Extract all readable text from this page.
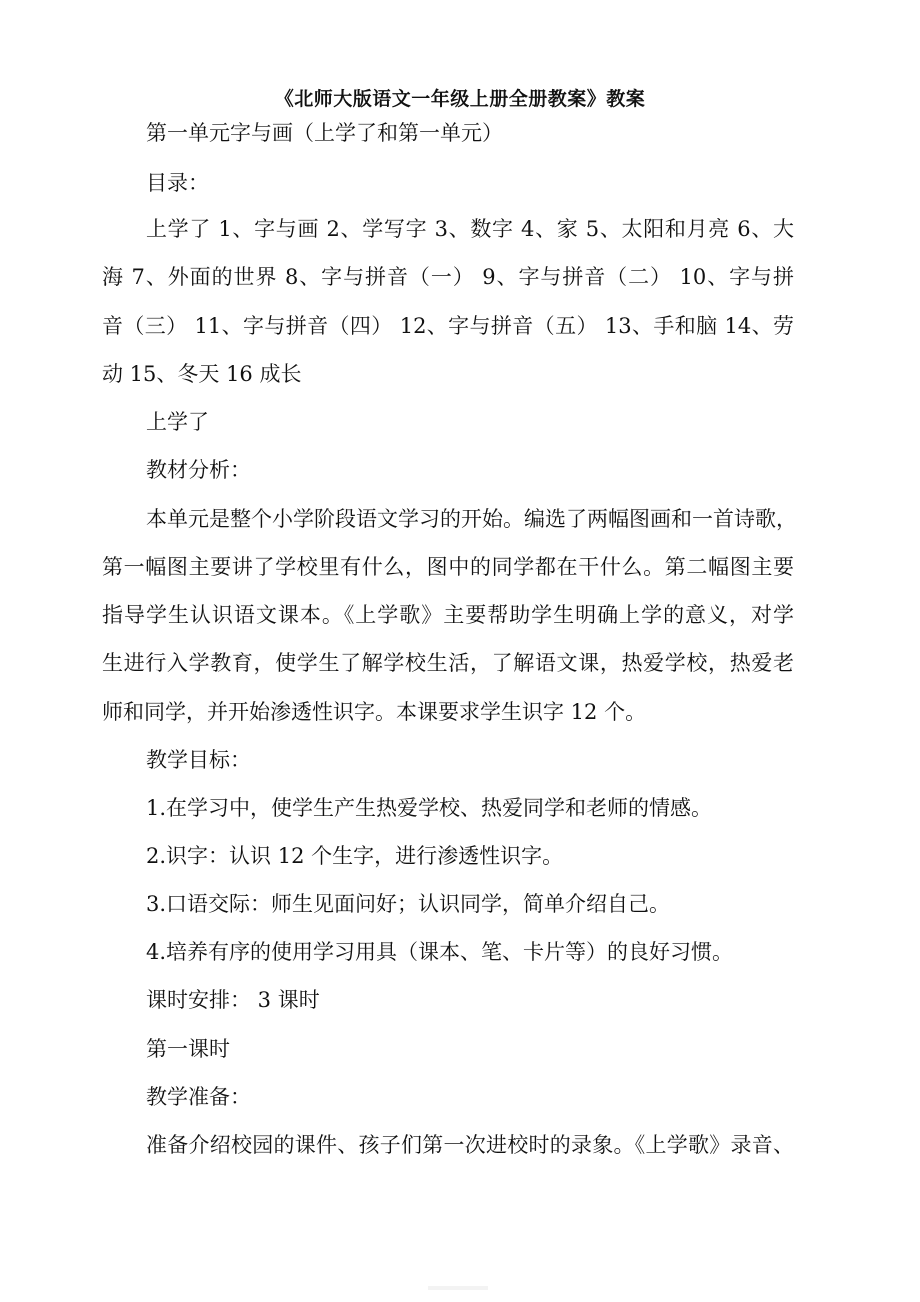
《北师大版语文一年级上册全册教案》教案
第一单元字与画（上学了和第一单元）
目录：
上学了 1、字与画 2、学写字 3、数字 4、家 5、太阳和月亮 6、大
海 7、外面的世界 8、字与拼音（一） 9、字与拼音（二） 10、字与拼
音（三） 11、字与拼音（四） 12、字与拼音（五） 13、手和脑 14、劳
动 15、冬天 16 成长
上学了
教材分析：
本单元是整个小学阶段语文学习的开始。编选了两幅图画和一首诗歌，
第一幅图主要讲了学校里有什么，图中的同学都在干什么。第二幅图主要
指导学生认识语文课本。《上学歌》主要帮助学生明确上学的意义，对学
生进行入学教育，使学生了解学校生活，了解语文课，热爱学校，热爱老
师和同学，并开始渗透性识字。本课要求学生识字 12 个。
教学目标：
1.在学习中，使学生产生热爱学校、热爱同学和老师的情感。
2.识字：认识 12 个生字，进行渗透性识字。
3.口语交际：师生见面问好；认识同学，简单介绍自己。
4.培养有序的使用学习用具（课本、笔、卡片等）的良好习惯。
课时安排： 3 课时
第一课时
教学准备：
准备介绍校园的课件、孩子们第一次进校时的录象。《上学歌》录音、
